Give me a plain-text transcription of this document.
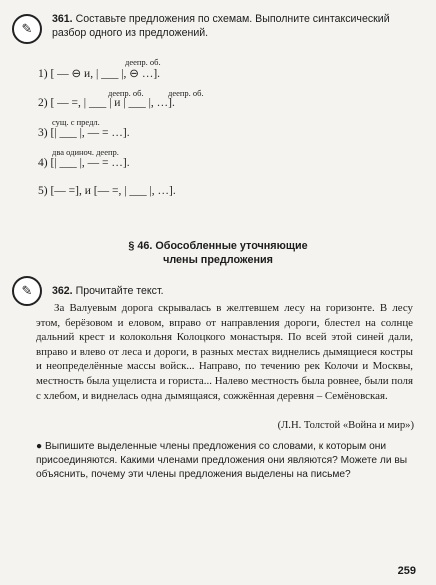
✎
361. Составьте предложения по схемам. Выполните синтаксический разбор одного из предложений.
деепр. об.
1) [ — ⊖ и, | ___ |, ⊖ …].
деепр. об.	деепр. об.
2) [ — =, | ___ | и | ___ |, …].
сущ. с предл.
3) [| ___ |, — = …].
два одиноч. деепр.
4) [| ___ |, — = …].
5) [— =], и [— =, | ___ |, …].
§ 46. Обособленные уточняющие
члены предложения
✎	362. Прочитайте текст.
За Валуевым дорога скрывалась в желтевшем лесу на горизонте. В лесу этом, берёзовом и еловом, вправо от направления дороги, блестел на солнце дальний крест и колокольня Колоцкого монастыря. По всей этой синей дали, вправо и влево от леса и дороги, в разных местах виднелись дымящиеся костры и неопределённые массы войск... Направо, по течению рек Колочи и Москвы, местность была ущелиста и гориста... Налево местность была ровнее, были поля с хлебом, и виднелась одна дымящаяся, сожжённая деревня – Семёновская.
(Л.Н. Толстой «Война и мир»)
● Выпишите выделенные члены предложения со словами, к которым они присоединяются. Какими членами предложения они являются? Можете ли вы объяснить, почему эти члены предложения выделены на письме?
259
